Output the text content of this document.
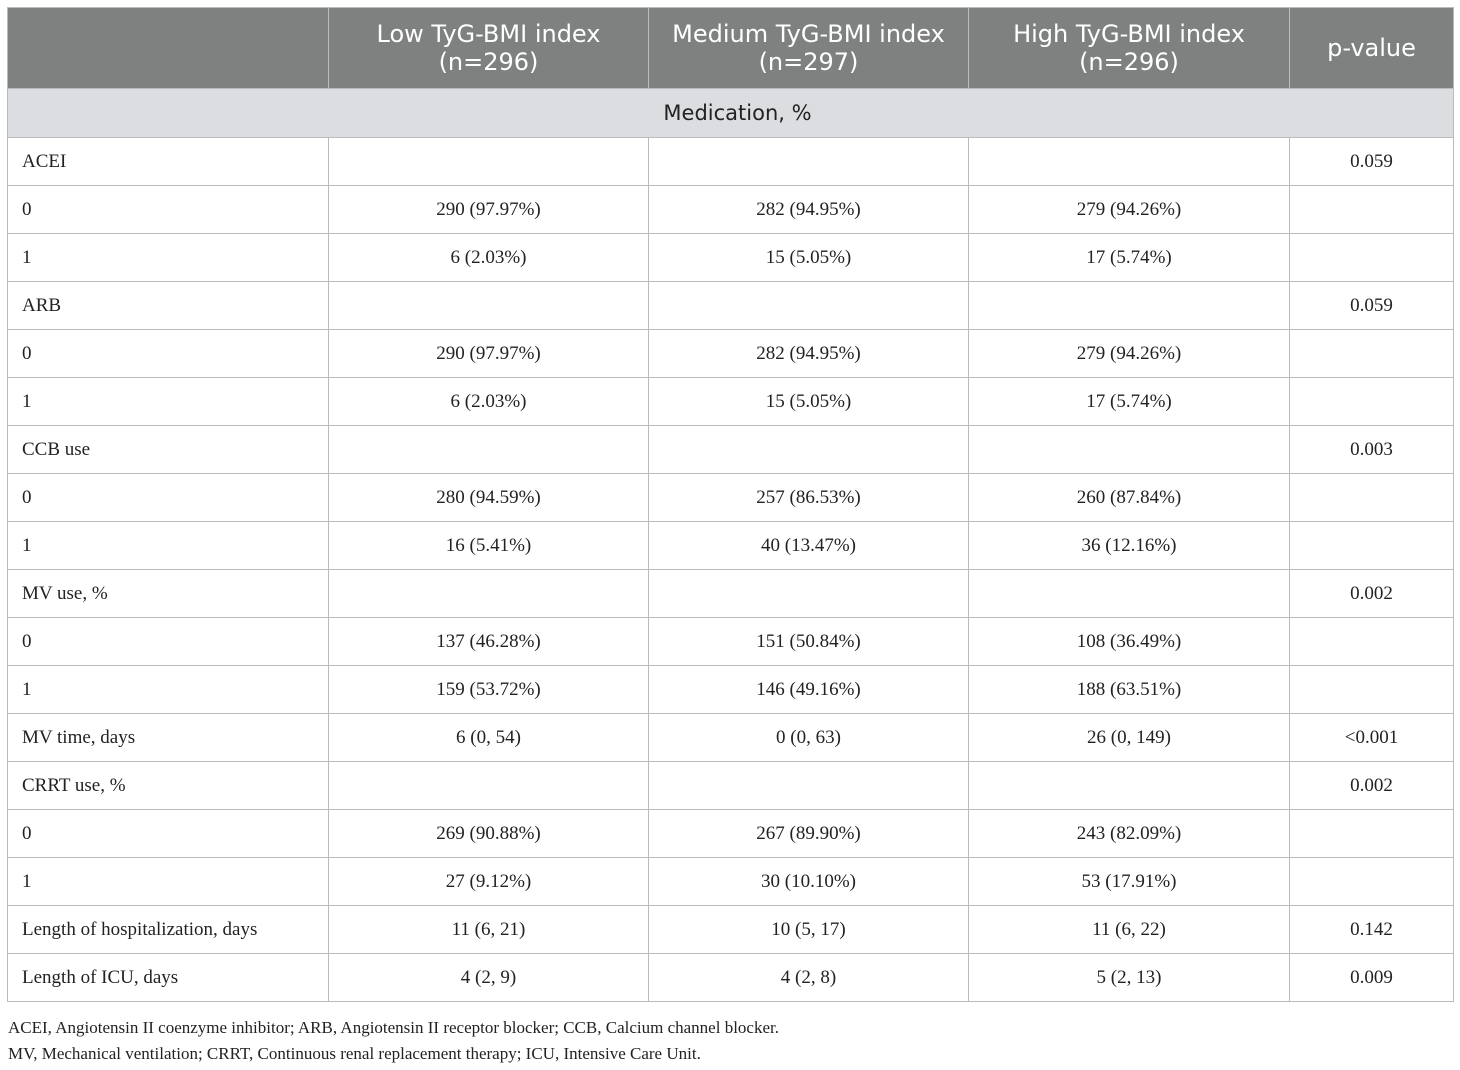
	Low TyG-BMI index (n=296)	Medium TyG-BMI index (n=297)	High TyG-BMI index (n=296)	p-value
Medication, %				
ACEI				0.059
0	290 (97.97%)	282 (94.95%)	279 (94.26%)	
1	6 (2.03%)	15 (5.05%)	17 (5.74%)	
ARB				0.059
0	290 (97.97%)	282 (94.95%)	279 (94.26%)	
1	6 (2.03%)	15 (5.05%)	17 (5.74%)	
CCB use				0.003
0	280 (94.59%)	257 (86.53%)	260 (87.84%)	
1	16 (5.41%)	40 (13.47%)	36 (12.16%)	
MV use, %				0.002
0	137 (46.28%)	151 (50.84%)	108 (36.49%)	
1	159 (53.72%)	146 (49.16%)	188 (63.51%)	
MV time, days	6 (0, 54)	0 (0, 63)	26 (0, 149)	<0.001
CRRT use, %				0.002
0	269 (90.88%)	267 (89.90%)	243 (82.09%)	
1	27 (9.12%)	30 (10.10%)	53 (17.91%)	
Length of hospitalization, days	11 (6, 21)	10 (5, 17)	11 (6, 22)	0.142
Length of ICU, days	4 (2, 9)	4 (2, 8)	5 (2, 13)	0.009
ACEI, Angiotensin II coenzyme inhibitor; ARB, Angiotensin II receptor blocker; CCB, Calcium channel blocker.
MV, Mechanical ventilation; CRRT, Continuous renal replacement therapy; ICU, Intensive Care Unit.
